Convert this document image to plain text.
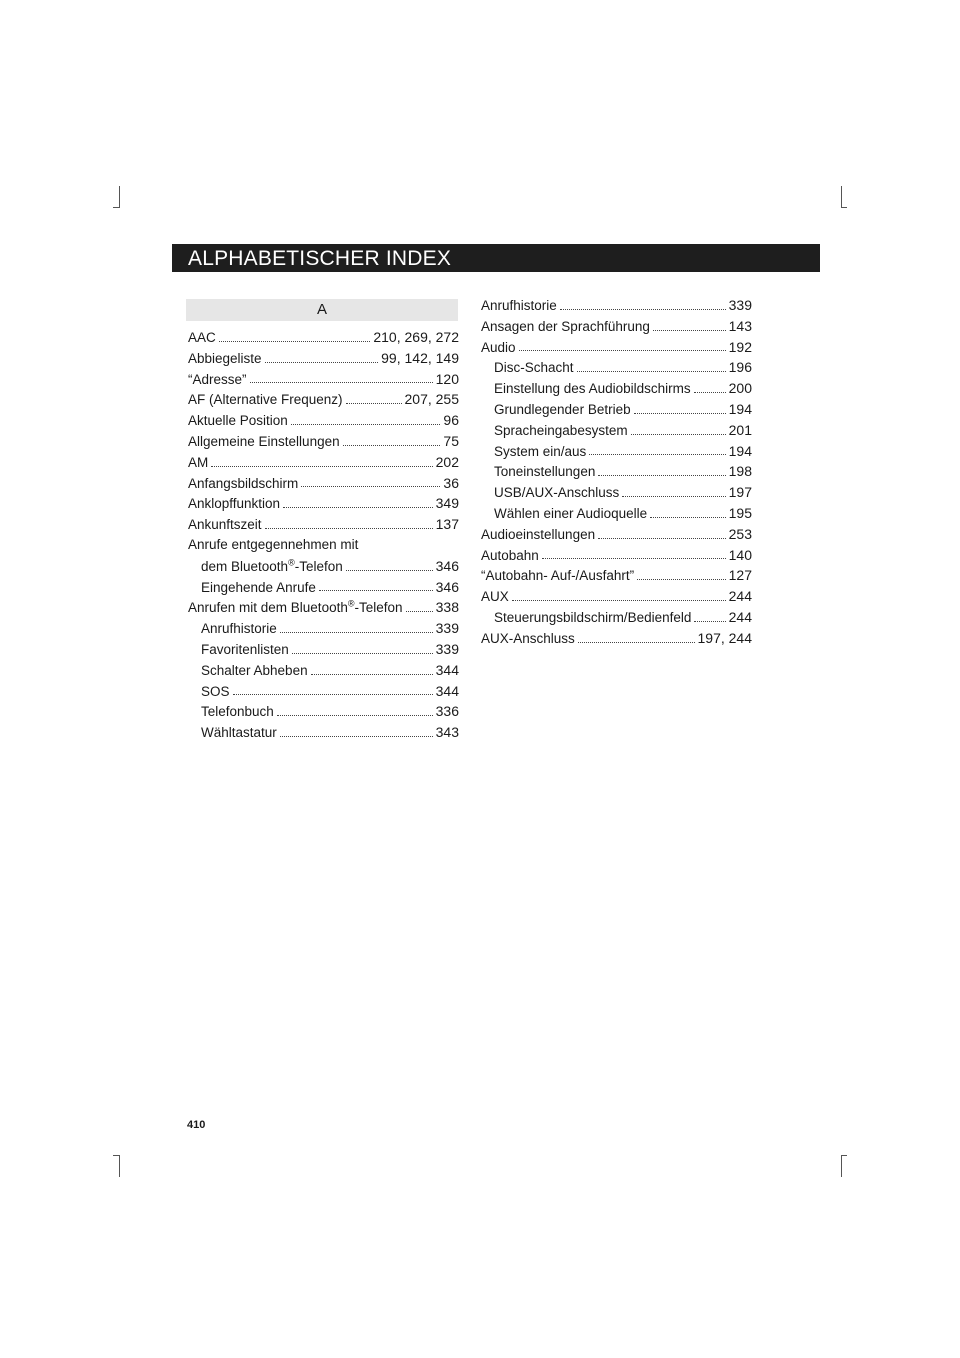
ALPHABETISCHER INDEX
A
AAC	210, 269, 272
Abbiegeliste	99, 142, 149
“Adresse”	120
AF (Alternative Frequenz)	207, 255
Aktuelle Position	96
Allgemeine Einstellungen	75
AM	202
Anfangsbildschirm	36
Anklopffunktion	349
Ankunftszeit	137
Anrufe entgegennehmen mit
dem Bluetooth®-Telefon	346
Eingehende Anrufe	346
Anrufen mit dem Bluetooth®-Telefon 338
Anrufhistorie	339
Favoritenlisten	339
Schalter Abheben	344
SOS	344
Telefonbuch	336
Wähltastatur	343
Anrufhistorie	339
Ansagen der Sprachführung	143
Audio	192
Disc-Schacht	196
Einstellung des Audiobildschirms	200
Grundlegender Betrieb	194
Spracheingabesystem	201
System ein/aus	194
Toneinstellungen	198
USB/AUX-Anschluss	197
Wählen einer Audioquelle	195
Audioeinstellungen	253
Autobahn	140
“Autobahn- Auf-/Ausfahrt”	127
AUX	244
Steuerungsbildschirm/Bedienfeld	244
AUX-Anschluss	197, 244
410
